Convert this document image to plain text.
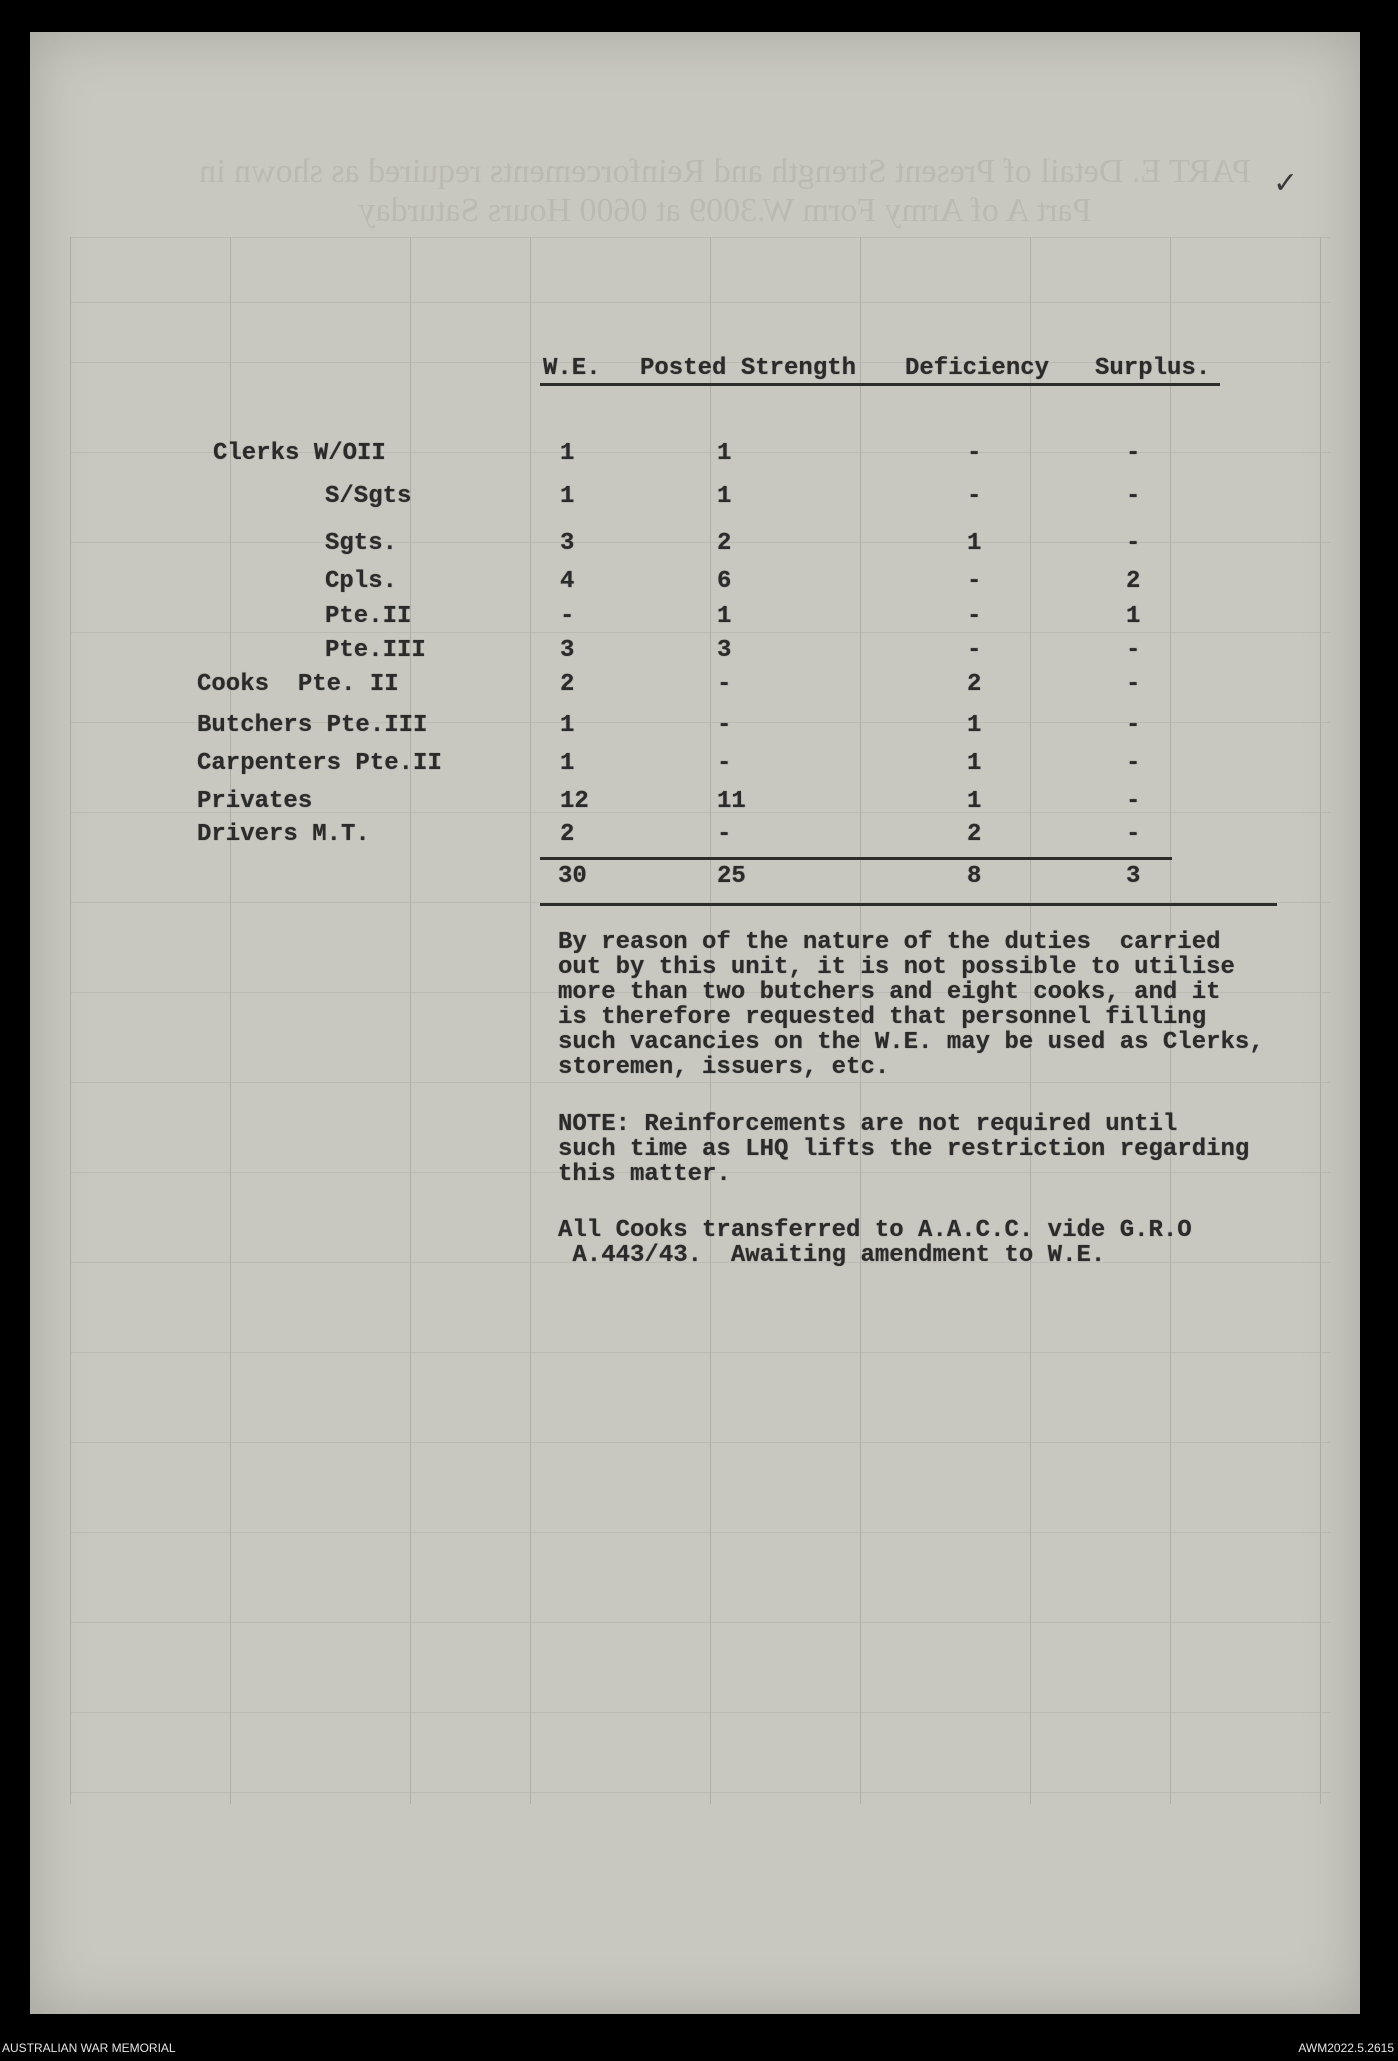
PART E. Detail of Present Strength and Reinforcements required as shown in
Part A of Army Form W.3009 at 0600 Hours Saturday
✓
W.E. Posted Strength Deficiency Surplus.
Clerks W/OII	1	1	-	-
S/Sgts	1	1	-	-
Sgts.	3	2	1	-
Cpls.	4	6	-	2
Pte.II	-	1	-	1
Pte.III	3	3	-	-
Cooks  Pte. II	2	-	2	-
Butchers Pte.III	1	-	1	-
Carpenters Pte.II	1	-	1	-
Privates	12	11	1	-
Drivers M.T.	2	-	2	-
30	25	8	3
By reason of the nature of the duties  carried
out by this unit, it is not possible to utilise
more than two butchers and eight cooks, and it
is therefore requested that personnel filling
such vacancies on the W.E. may be used as Clerks,
storemen, issuers, etc.
NOTE: Reinforcements are not required until
such time as LHQ lifts the restriction regarding
this matter.
All Cooks transferred to A.A.C.C. vide G.R.O
A.443/43.  Awaiting amendment to W.E.
AUSTRALIAN WAR MEMORIAL	AWM2022.5.2615
